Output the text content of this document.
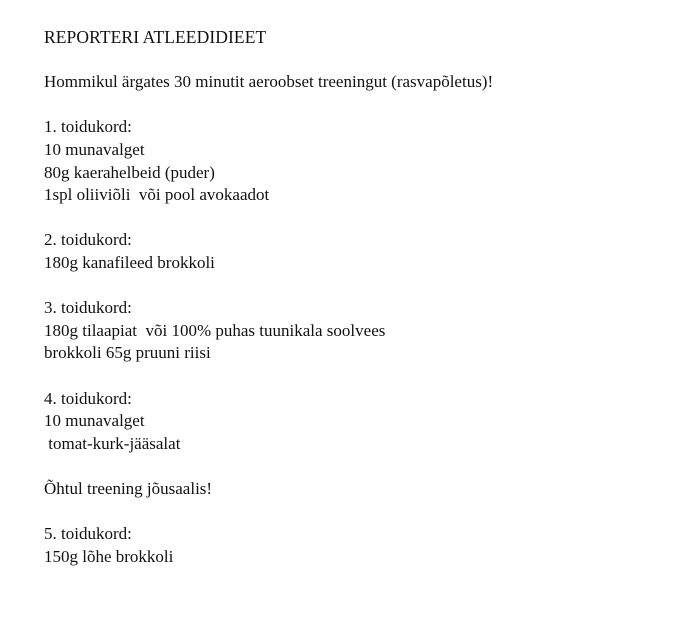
REPORTERI ATLEEDIDIEET
Hommikul ärgates 30 minutit aeroobset treeningut (rasvapõletus)!
1. toidukord:
10 munavalget
80g kaerahelbeid (puder)
1spl oliiviõli  või pool avokaadot
2. toidukord:
180g kanafileed brokkoli
3. toidukord:
180g tilaapiat  või 100% puhas tuunikala soolvees
brokkoli 65g pruuni riisi
4. toidukord:
10 munavalget
tomat-kurk-jääsalat
Õhtul treening jõusaalis!
5. toidukord:
150g lõhe brokkoli
